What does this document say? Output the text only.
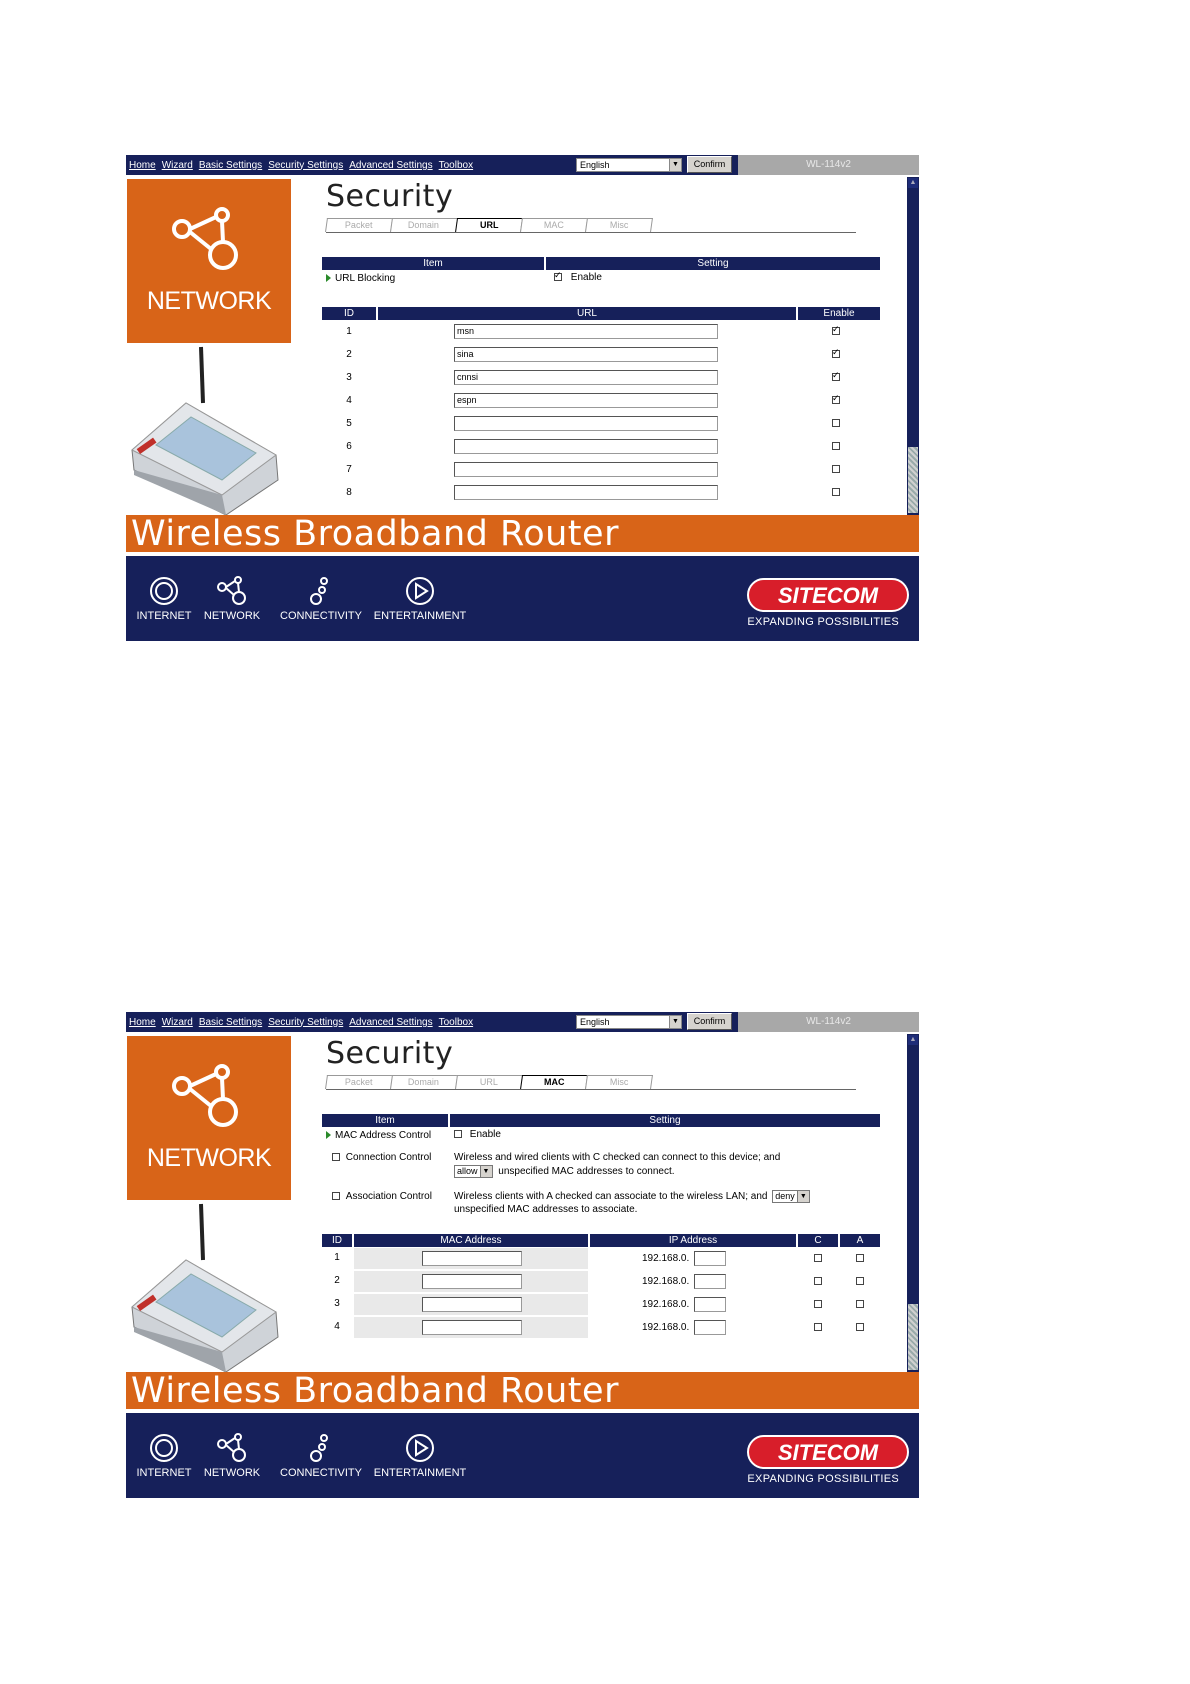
Home Wizard Basic Settings Security Settings Advanced Settings Toolbox	English	▼	Confirm	WL-114v2
NETWORK
Security
Packet	Domain	URL	MAC	Misc
Item	Setting
URL Blocking
✓	Enable
ID	URL	Enable
1	msn
✓
2	sina
✓
3	cnnsi
✓
4	espn
✓
5
6
7
8
▲
Wireless Broadband Router
INTERNET NETWORK	CONNECTIVITY	ENTERTAINMENT
SITECOM
EXPANDING POSSIBILITIES
Home Wizard Basic Settings Security Settings Advanced Settings Toolbox	English	▼	Confirm	WL-114v2
NETWORK
Security
Packet	Domain	URL	MAC	Misc
Item	Setting
MAC Address Control	Enable
Connection Control Wireless and wired clients with C checked can connect to this device; and
allow ▼ unspecified MAC addresses to connect.
Association Control Wireless clients with A checked can associate to the wireless LAN; and deny ▼
unspecified MAC addresses to associate.
ID	MAC Address	IP Address	C	A
1	192.168.0.
2	192.168.0.
3	192.168.0.
4	192.168.0.
▲
Wireless Broadband Router
INTERNET NETWORK	CONNECTIVITY	ENTERTAINMENT
SITECOM
EXPANDING POSSIBILITIES
